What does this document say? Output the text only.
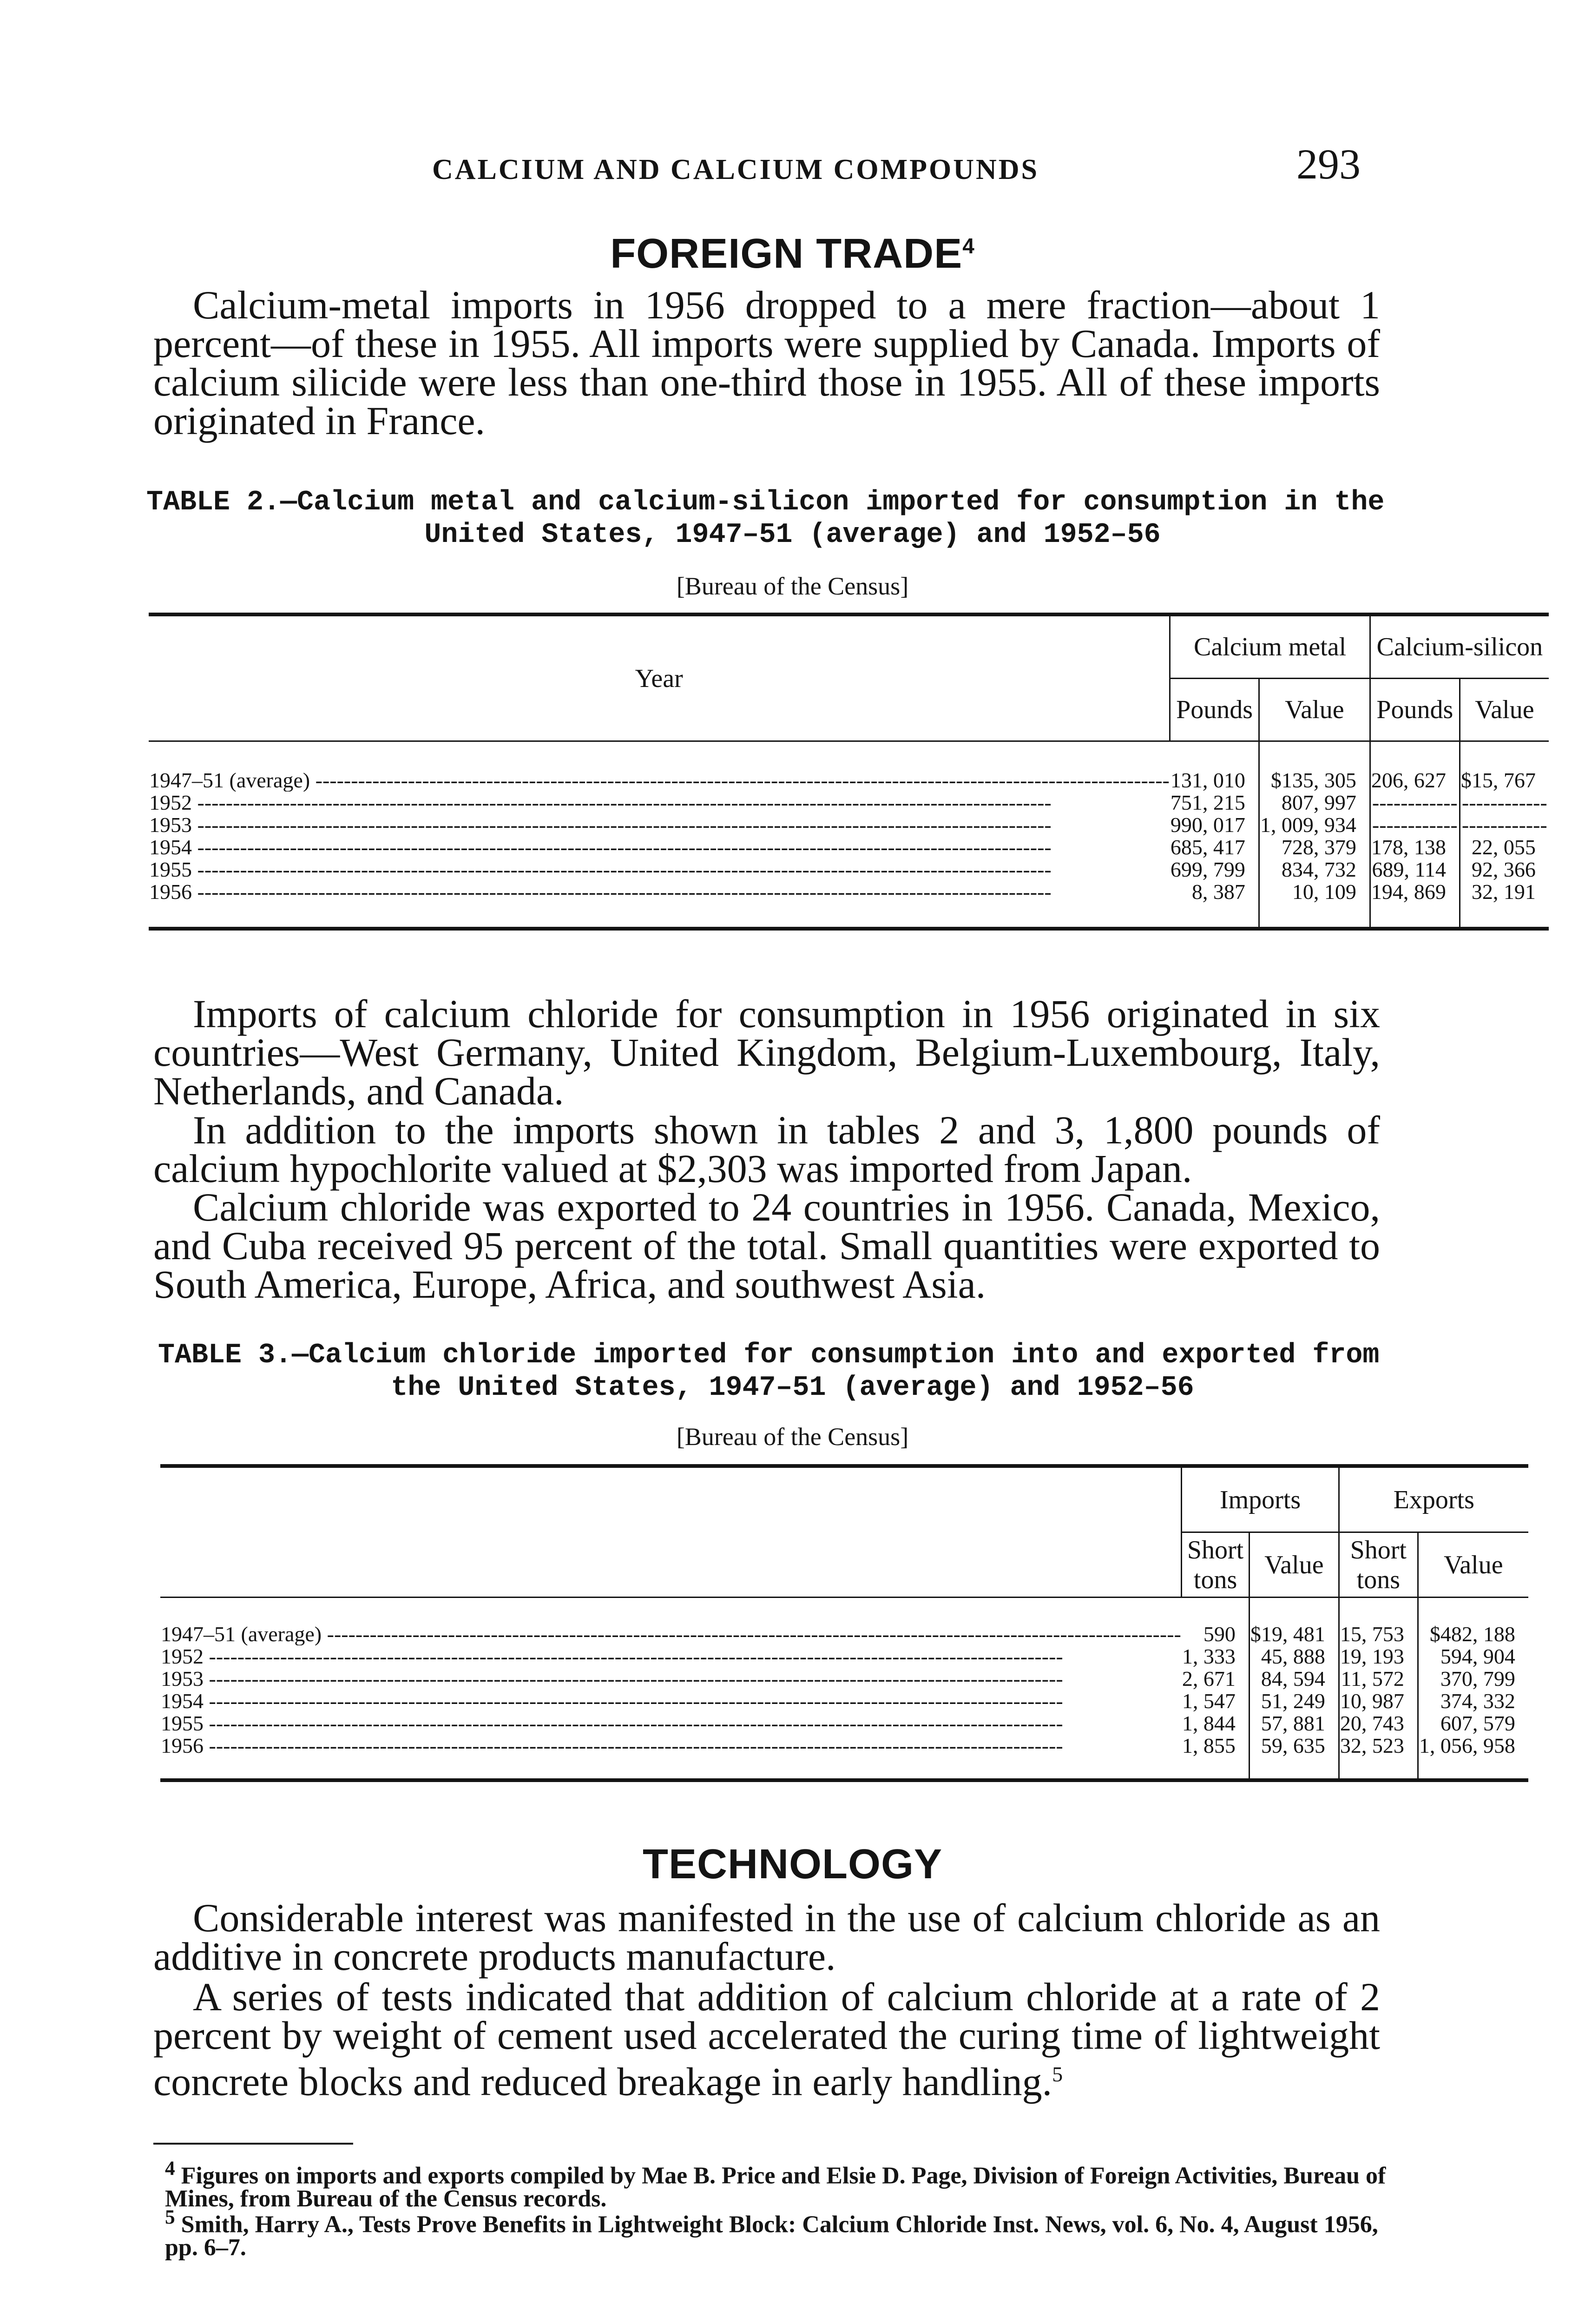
CALCIUM AND CALCIUM COMPOUNDS	293
FOREIGN TRADE$^4$
Calcium-metal imports in 1956 dropped to a mere fraction—about 1 percent—of these in 1955. All imports were supplied by Canada. Imports of calcium silicide were less than one-third those in 1955. All of these imports originated in France.
TABLE 2.—Calcium metal and calcium-silicon imported for consumption in the
United States, 1947–51 (average) and 1952–56
[Bureau of the Census]
Year	Calcium metal		Calcium-silicon	
	Pounds	Value	Pounds	Value

1947–51 (average) ------------------------------------------------------------------------------------------------------------------------	131, 010	$135, 305	206, 627	$15, 767
1952 ------------------------------------------------------------------------------------------------------------------------	751, 215	807, 997	------------	------------
1953 ------------------------------------------------------------------------------------------------------------------------	990, 017	1, 009, 934	------------	------------
1954 ------------------------------------------------------------------------------------------------------------------------	685, 417	728, 379	178, 138	22, 055
1955 ------------------------------------------------------------------------------------------------------------------------	699, 799	834, 732	689, 114	92, 366
1956 ------------------------------------------------------------------------------------------------------------------------	8, 387	10, 109	194, 869	32, 191

Imports of calcium chloride for consumption in 1956 originated in six countries—West Germany, United Kingdom, Belgium-Luxembourg, Italy, Netherlands, and Canada.
In addition to the imports shown in tables 2 and 3, 1,800 pounds of calcium hypochlorite valued at $2,303 was imported from Japan.
Calcium chloride was exported to 24 countries in 1956. Canada, Mexico, and Cuba received 95 percent of the total. Small quantities were exported to South America, Europe, Africa, and southwest Asia.
TABLE 3.—Calcium chloride imported for consumption into and exported from
the United States, 1947–51 (average) and 1952–56
[Bureau of the Census]
	Imports		Exports	
	Short tons	Value	Short tons	Value

1947–51 (average) ------------------------------------------------------------------------------------------------------------------------	590	$19, 481	15, 753	$482, 188
1952 ------------------------------------------------------------------------------------------------------------------------	1, 333	45, 888	19, 193	594, 904
1953 ------------------------------------------------------------------------------------------------------------------------	2, 671	84, 594	11, 572	370, 799
1954 ------------------------------------------------------------------------------------------------------------------------	1, 547	51, 249	10, 987	374, 332
1955 ------------------------------------------------------------------------------------------------------------------------	1, 844	57, 881	20, 743	607, 579
1956 ------------------------------------------------------------------------------------------------------------------------	1, 855	59, 635	32, 523	1, 056, 958

TECHNOLOGY
Considerable interest was manifested in the use of calcium chloride as an additive in concrete products manufacture.
A series of tests indicated that addition of calcium chloride at a rate of 2 percent by weight of cement used accelerated the curing time of lightweight concrete blocks and reduced breakage in early handling.$^5$
$^4$ Figures on imports and exports compiled by Mae B. Price and Elsie D. Page, Division of Foreign Activities, Bureau of Mines, from Bureau of the Census records.
$^5$ Smith, Harry A., Tests Prove Benefits in Lightweight Block: Calcium Chloride Inst. News, vol. 6, No. 4, August 1956, pp. 6–7.
